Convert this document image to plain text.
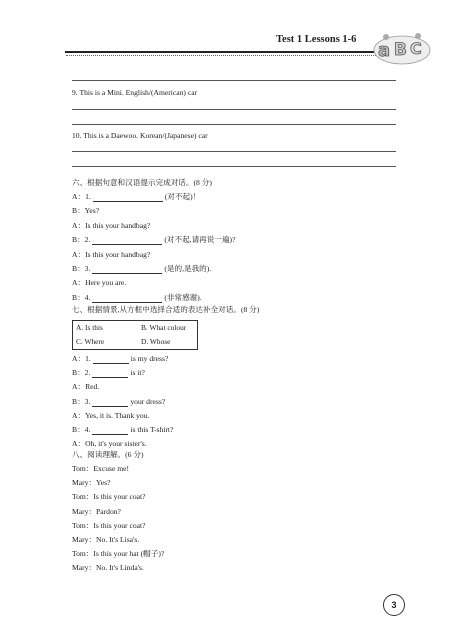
Test 1 Lessons 1-6
a B C
9. This is a Mini. English/(American) car
10. This is a Daewoo. Korean/(Japanese) car
六、根据句意和汉语提示完成对话。(8 分)
A：1.	(对不起)！
B：Yes?
A：Is this your handbag?
B：2.	(对不起,请再说一遍)?
A：Is this your handbag?
B：3.	(是的,是我的).
A：Here you are.
B：4.	(非常感谢).
七、根据情景,从方框中选择合适的表达补全对话。(8 分)
A. Is this	B. What colour
C. Where	D. Whose
A：1.	is my dress?
B：2.	is it?
A：Red.
B：3.	your dress?
A：Yes, it is. Thank you.
B：4.	is this T-shirt?
A：Oh, it's your sister's.
八、阅读理解。(6 分)
Tom：Excuse me!
Mary：Yes?
Tom：Is this your coat?
Mary：Pardon?
Tom：Is this your coat?
Mary：No. It's Lisa's.
Tom：Is this your hat (帽子)?
Mary：No. It's Linda's.
3
